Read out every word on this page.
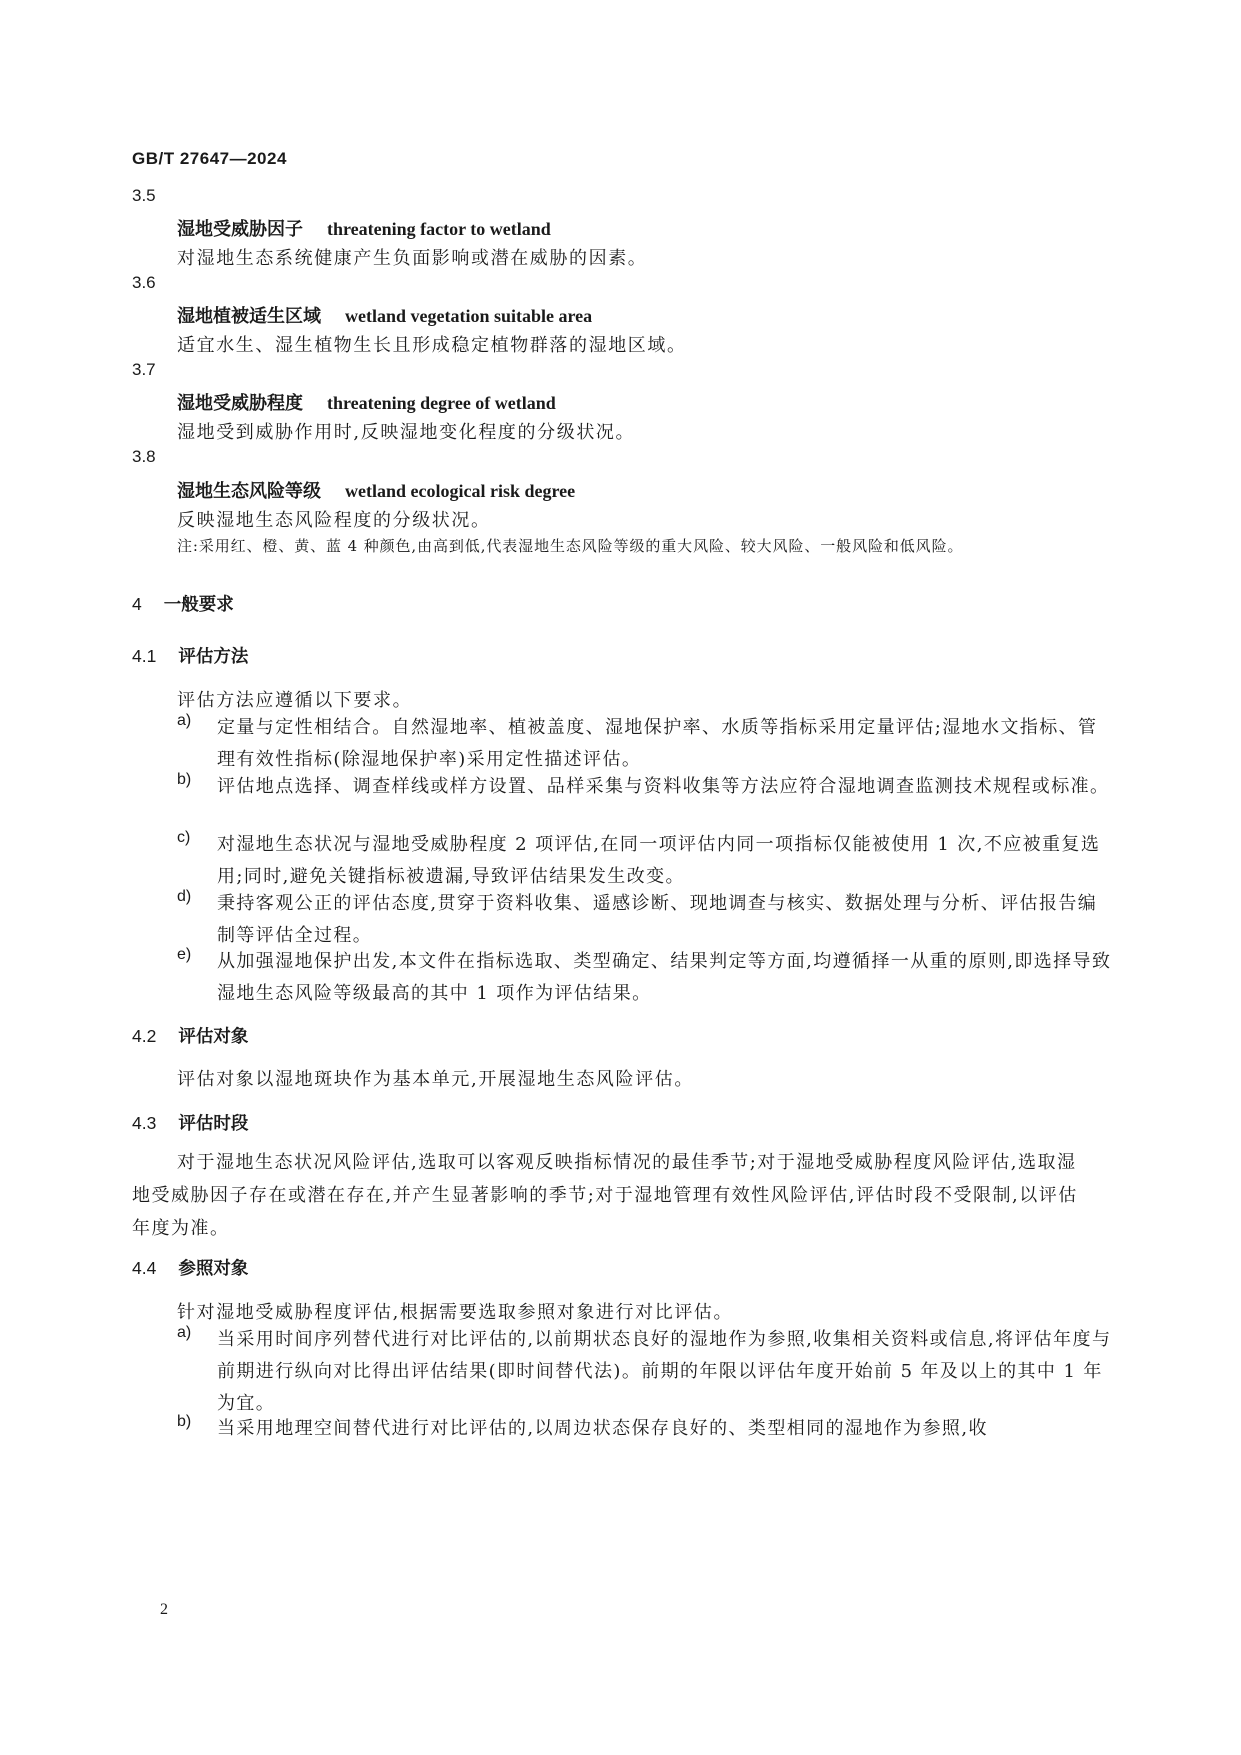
GB/T 27647—2024
3.5
湿地受威胁因子 threatening factor to wetland
对湿地生态系统健康产生负面影响或潜在威胁的因素。
3.6
湿地植被适生区域 wetland vegetation suitable area
适宜水生、湿生植物生长且形成稳定植物群落的湿地区域。
3.7
湿地受威胁程度 threatening degree of wetland
湿地受到威胁作用时,反映湿地变化程度的分级状况。
3.8
湿地生态风险等级 wetland ecological risk degree
反映湿地生态风险程度的分级状况。
注:采用红、橙、黄、蓝 4 种颜色,由高到低,代表湿地生态风险等级的重大风险、较大风险、一般风险和低风险。
4 一般要求
4.1 评估方法
评估方法应遵循以下要求。
a)	定量与定性相结合。自然湿地率、植被盖度、湿地保护率、水质等指标采用定量评估;湿地水文指标、管理有效性指标(除湿地保护率)采用定性描述评估。
b)	评估地点选择、调查样线或样方设置、品样采集与资料收集等方法应符合湿地调查监测技术规程或标准。
c)	对湿地生态状况与湿地受威胁程度 2 项评估,在同一项评估内同一项指标仅能被使用 1 次,不应被重复选用;同时,避免关键指标被遗漏,导致评估结果发生改变。
d)	秉持客观公正的评估态度,贯穿于资料收集、遥感诊断、现地调查与核实、数据处理与分析、评估报告编制等评估全过程。
e)	从加强湿地保护出发,本文件在指标选取、类型确定、结果判定等方面,均遵循择一从重的原则,即选择导致湿地生态风险等级最高的其中 1 项作为评估结果。
4.2 评估对象
评估对象以湿地斑块作为基本单元,开展湿地生态风险评估。
4.3 评估时段
对于湿地生态状况风险评估,选取可以客观反映指标情况的最佳季节;对于湿地受威胁程度风险评估,选取湿地受威胁因子存在或潜在存在,并产生显著影响的季节;对于湿地管理有效性风险评估,评估时段不受限制,以评估年度为准。
4.4 参照对象
针对湿地受威胁程度评估,根据需要选取参照对象进行对比评估。
a)	当采用时间序列替代进行对比评估的,以前期状态良好的湿地作为参照,收集相关资料或信息,将评估年度与前期进行纵向对比得出评估结果(即时间替代法)。前期的年限以评估年度开始前 5 年及以上的其中 1 年为宜。
b)	当采用地理空间替代进行对比评估的,以周边状态保存良好的、类型相同的湿地作为参照,收
2
